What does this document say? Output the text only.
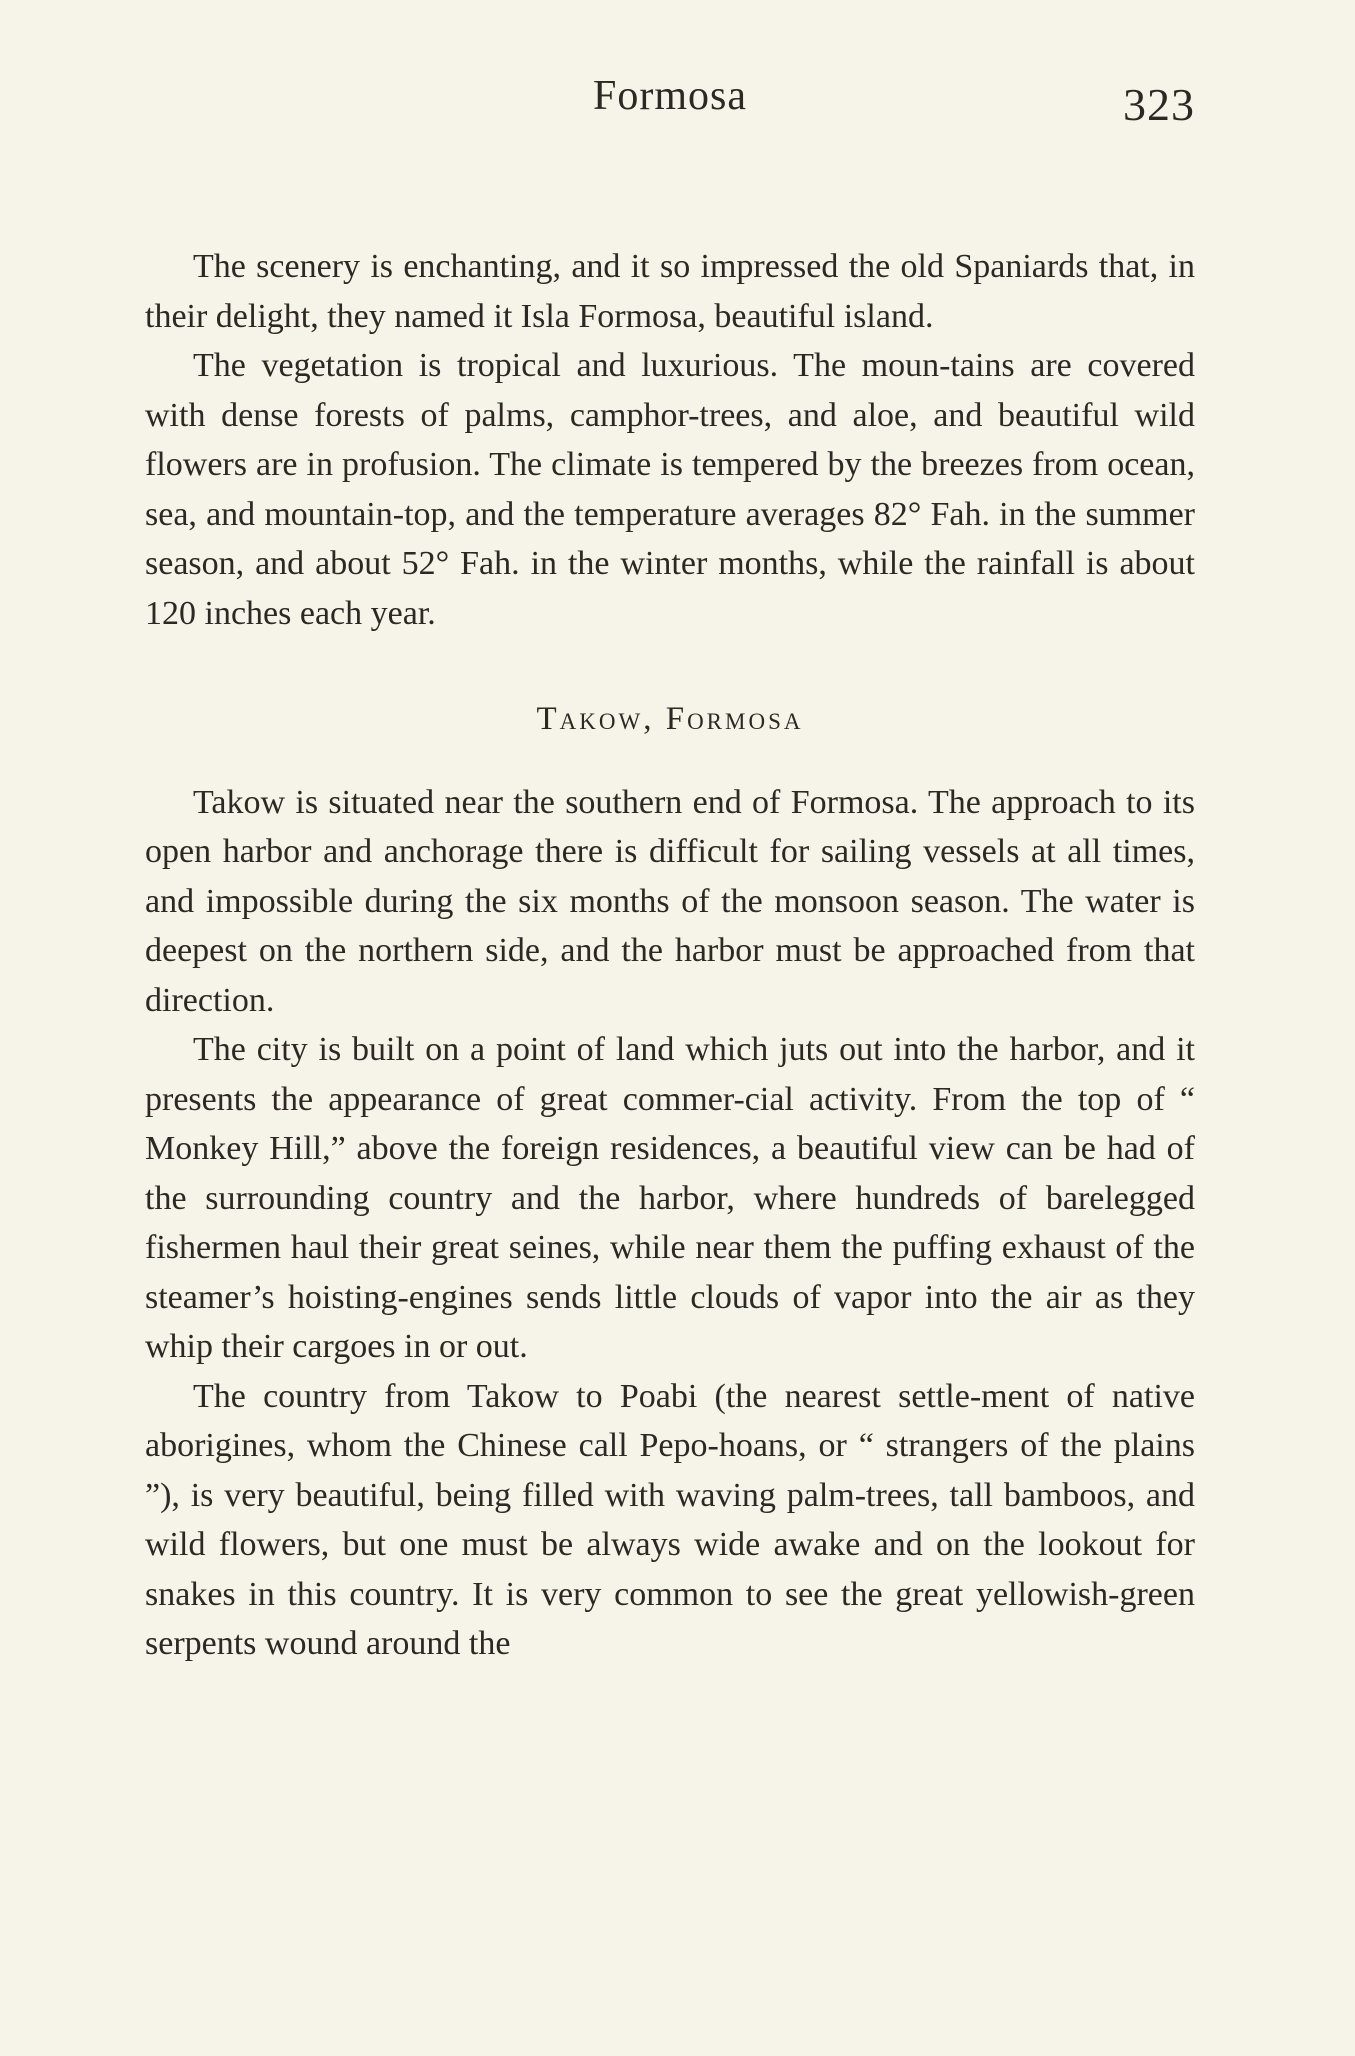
Formosa	323

The scenery is enchanting, and it so impressed the old Spaniards that, in their delight, they named it Isla Formosa, beautiful island.

The vegetation is tropical and luxurious. The moun-tains are covered with dense forests of palms, camphor-trees, and aloe, and beautiful wild flowers are in profusion. The climate is tempered by the breezes from ocean, sea, and mountain-top, and the temperature averages 82° Fah. in the summer season, and about 52° Fah. in the winter months, while the rainfall is about 120 inches each year.

Takow, Formosa

Takow is situated near the southern end of Formosa. The approach to its open harbor and anchorage there is difficult for sailing vessels at all times, and impossible during the six months of the monsoon season. The water is deepest on the northern side, and the harbor must be approached from that direction.

The city is built on a point of land which juts out into the harbor, and it presents the appearance of great commer-cial activity. From the top of “ Monkey Hill,” above the foreign residences, a beautiful view can be had of the surrounding country and the harbor, where hundreds of barelegged fishermen haul their great seines, while near them the puffing exhaust of the steamer’s hoisting-engines sends little clouds of vapor into the air as they whip their cargoes in or out.

The country from Takow to Poabi (the nearest settle-ment of native aborigines, whom the Chinese call Pepo-hoans, or “ strangers of the plains ”), is very beautiful, being filled with waving palm-trees, tall bamboos, and wild flowers, but one must be always wide awake and on the lookout for snakes in this country. It is very common to see the great yellowish-green serpents wound around the
